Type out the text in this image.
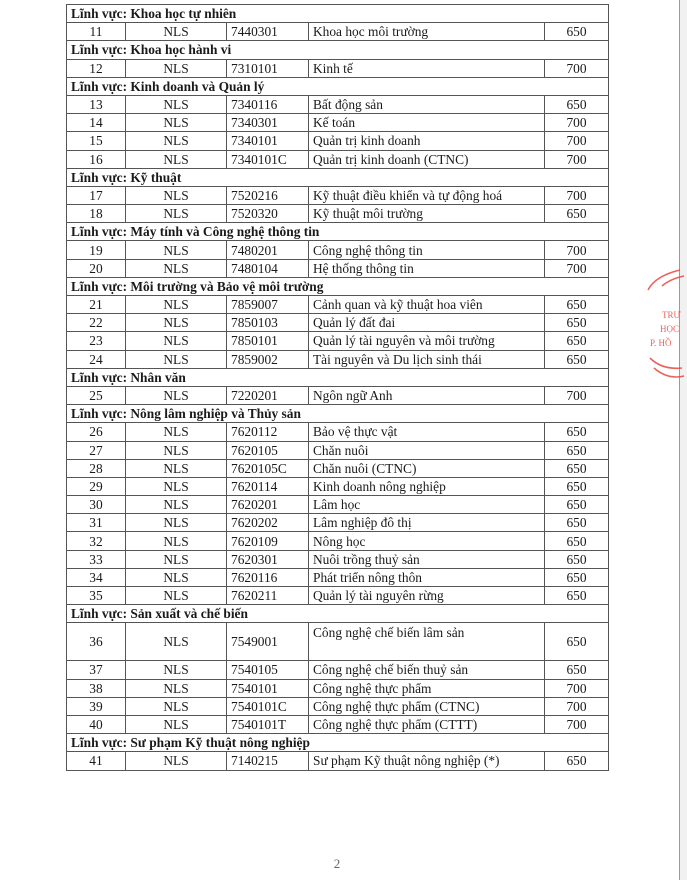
Lĩnh vực: Khoa học tự nhiên				
11	NLS	7440301	Khoa học môi trường	650
Lĩnh vực: Khoa học hành vi				
12	NLS	7310101	Kinh tế	700
Lĩnh vực: Kinh doanh và Quản lý				
13	NLS	7340116	Bất động sản	650
14	NLS	7340301	Kế toán	700
15	NLS	7340101	Quản trị kinh doanh	700
16	NLS	7340101C	Quản trị kinh doanh (CTNC)	700
Lĩnh vực: Kỹ thuật				
17	NLS	7520216	Kỹ thuật điều khiển và tự động hoá	700
18	NLS	7520320	Kỹ thuật môi trường	650
Lĩnh vực: Máy tính và Công nghệ thông tin				
19	NLS	7480201	Công nghệ thông tin	700
20	NLS	7480104	Hệ thống thông tin	700
Lĩnh vực: Môi trường và Bảo vệ môi trường				
21	NLS	7859007	Cảnh quan và kỹ thuật hoa viên	650
22	NLS	7850103	Quản lý đất đai	650
23	NLS	7850101	Quản lý tài nguyên và môi trường	650
24	NLS	7859002	Tài nguyên và Du lịch sinh thái	650
Lĩnh vực: Nhân văn				
25	NLS	7220201	Ngôn ngữ Anh	700
Lĩnh vực: Nông lâm nghiệp và Thủy sản				
26	NLS	7620112	Bảo vệ thực vật	650
27	NLS	7620105	Chăn nuôi	650
28	NLS	7620105C	Chăn nuôi (CTNC)	650
29	NLS	7620114	Kinh doanh nông nghiệp	650
30	NLS	7620201	Lâm học	650
31	NLS	7620202	Lâm nghiệp đô thị	650
32	NLS	7620109	Nông học	650
33	NLS	7620301	Nuôi trồng thuỷ sản	650
34	NLS	7620116	Phát triển nông thôn	650
35	NLS	7620211	Quản lý tài nguyên rừng	650
Lĩnh vực: Sản xuất và chế biến				
36	NLS	7549001	Công nghệ chế biến lâm sản	650
37	NLS	7540105	Công nghệ chế biến thuỷ sản	650
38	NLS	7540101	Công nghệ thực phẩm	700
39	NLS	7540101C	Công nghệ thực phẩm (CTNC)	700
40	NLS	7540101T	Công nghệ thực phẩm (CTTT)	700
Lĩnh vực: Sư phạm Kỹ thuật nông nghiệp				
41	NLS	7140215	Sư phạm Kỹ thuật nông nghiệp (*)	650
2
TRƯ
HỌC
P. HỒ
